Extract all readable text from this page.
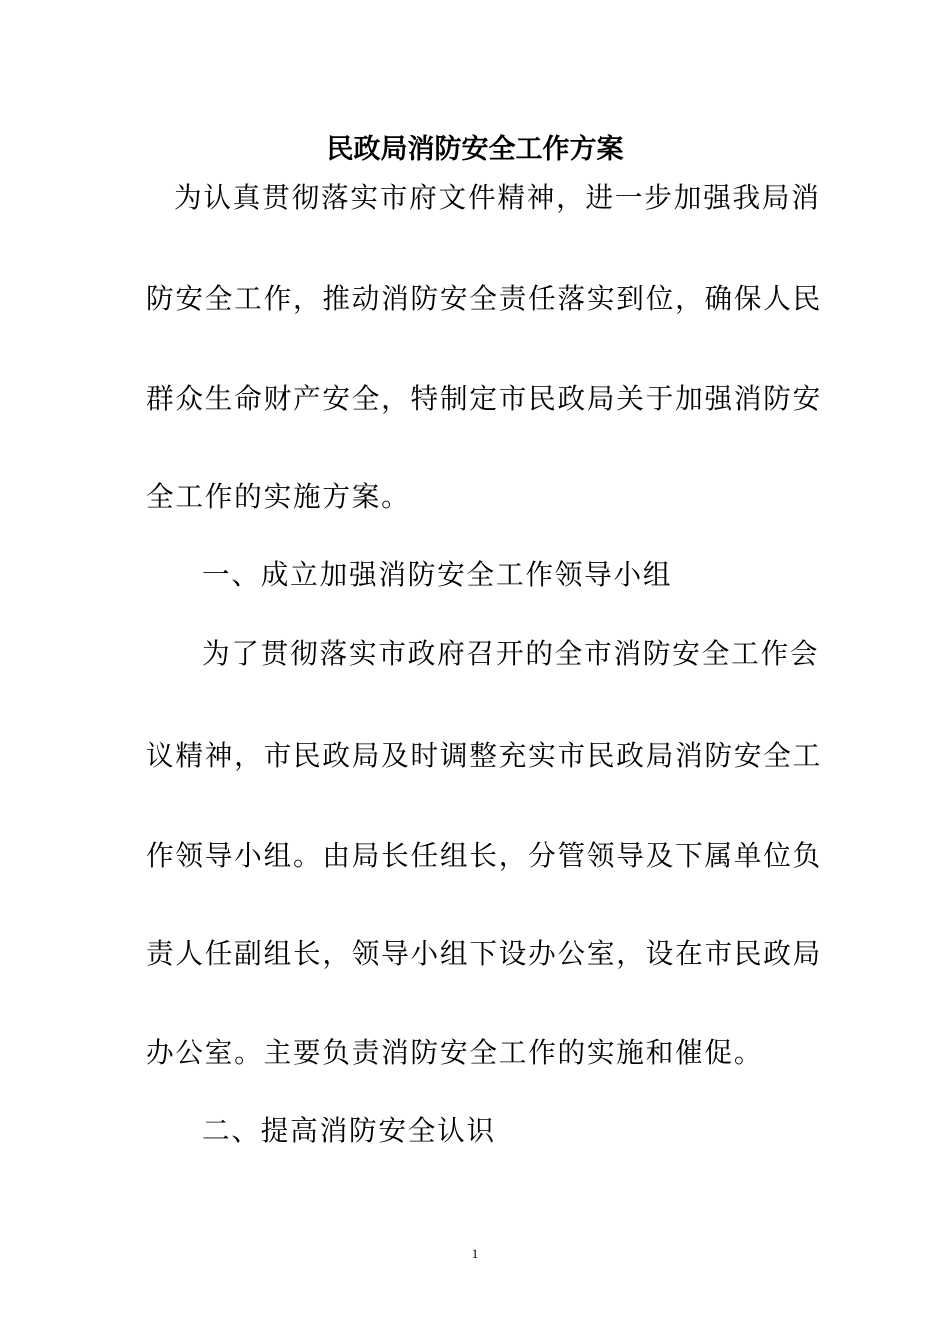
民政局消防安全工作方案

为认真贯彻落实市府文件精神，进一步加强我局消

防安全工作，推动消防安全责任落实到位，确保人民

群众生命财产安全，特制定市民政局关于加强消防安

全工作的实施方案。

一、成立加强消防安全工作领导小组

为了贯彻落实市政府召开的全市消防安全工作会

议精神，市民政局及时调整充实市民政局消防安全工

作领导小组。由局长任组长，分管领导及下属单位负

责人任副组长，领导小组下设办公室，设在市民政局

办公室。主要负责消防安全工作的实施和催促。

二、提高消防安全认识

1
